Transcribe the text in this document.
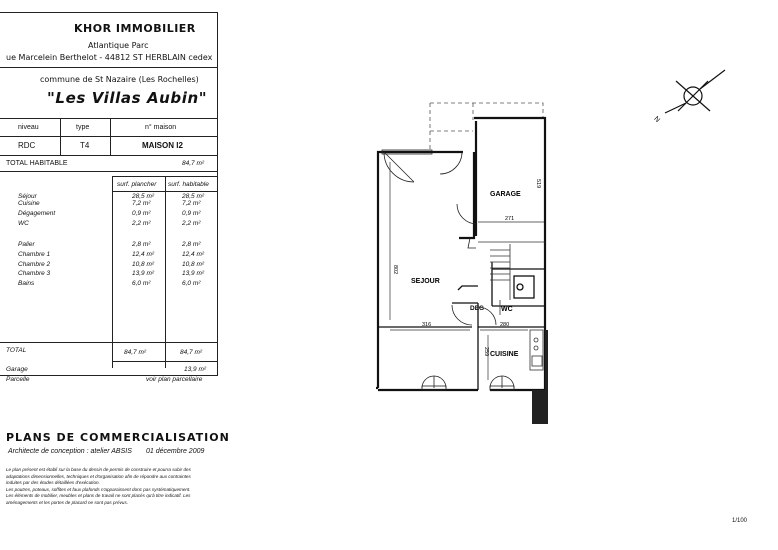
KHOR IMMOBILIER
Atlantique Parc
ue Marcelein Berthelot - 44812 ST HERBLAIN cedex
commune de St Nazaire (Les Rochelles)
"Les Villas Aubin"
niveau	type	n° maison
RDC	T4	MAISON I2
TOTAL HABITABLE	84,7 m²
surf. plancher surf. habitable
Séjour	28,5 m²	28,5 m²
Cuisine	7,2 m²	7,2 m²
Dégagement	0,9 m²	0,9 m²
WC	2,2 m²	2,2 m²
Palier	2,8 m²	2,8 m²
Chambre 1	12,4 m²	12,4 m²
Chambre 2	10,8 m²	10,8 m²
Chambre 3	13,9 m²	13,9 m²
Bains	6,0 m²	6,0 m²
TOTAL	84,7 m²	84,7 m²
Garage	13,9 m²
Parcelle	voir plan parcellaire
PLANS DE COMMERCIALISATION
Architecte de conception : atelier ABSIS 01 décembre 2009
Le plan présent est établi sur la base du dessin de permis de construire et pourra subir des
adaptations dimensionnelles, techniques et d'organisation afin de répondre aux contraintes
induites par des études détaillées d'exécution.
Les poutres, poteaux, soffites et faux plafonds n'apparaissent donc pas systématiquement.
Les éléments de mobilier, meubles et plans de travail ne sont placés qu'à titre indicatif. Les
aménagements et les portes de placard ne sont pas prévus.
1/100
GARAGE
SEJOUR
DEG WC
CUISINE
271
316	280
519
802
259
N
